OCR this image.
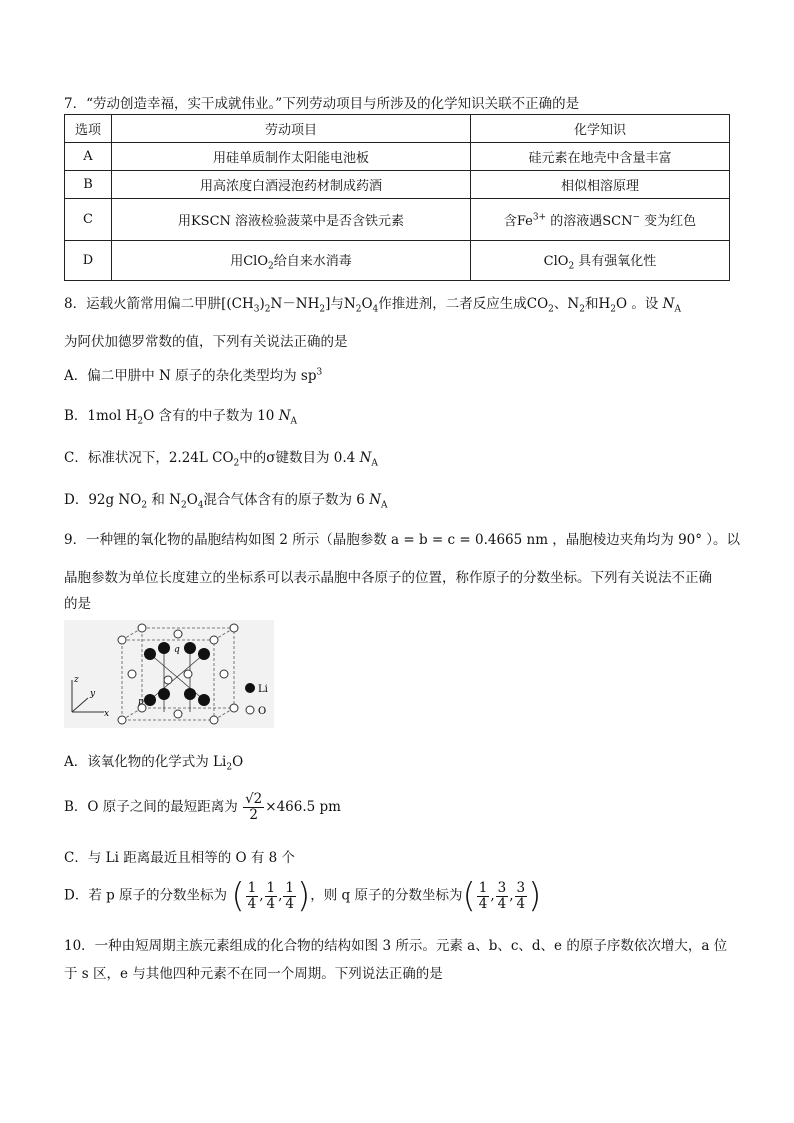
7．“劳动创造幸福，实干成就伟业。”下列劳动项目与所涉及的化学知识关联不正确的是
选项	劳动项目	化学知识
A	用硅单质制作太阳能电池板	硅元素在地壳中含量丰富
B	用高浓度白酒浸泡药材制成药酒	相似相溶原理
C	用KSCN 溶液检验菠菜中是否含铁元素	含$Fe^{3+}$ 的溶液遇SCN− 变为红色
D	用ClO$_2$给自来水消毒	ClO$_2$ 具有强氧化性
8．运载火箭常用偏二甲肼$[(CH_3)_2N-NH_2]$与$N_2O_4$作推进剂，二者反应生成$CO_2$、$N_2$和$H_2O$ 。设 $N_A$
为阿伏加德罗常数的值，下列有关说法正确的是
A．偏二甲肼中 N 原子的杂化类型均为 $sp^3$
B．1mol $H_2O$ 含有的中子数为 10 $N_A$
C．标准状况下，2.24L $CO_2$中的σ键数目为 0.4 $N_A$
D．92g $NO_2$ 和 $N_2O_4$混合气体含有的原子数为 6 $N_A$
9．一种锂的氧化物的晶胞结构如图 2 所示（晶胞参数 a = b = c = 0.4665 nm ，晶胞棱边夹角均为 90° ）。以
晶胞参数为单位长度建立的坐标系可以表示晶胞中各原子的位置，称作原子的分数坐标。下列有关说法不正确
的是
z
y
x
p
q
Li
O
A．该氧化物的化学式为 $Li_2O$
B．O 原子之间的最短距离为 $\frac{√2}{2} \times 466.5$ pm
C．与 Li 距离最近且相等的 O 有 8 个
D．若 p 原子的分数坐标为 ( $\frac{1}{4}$ , $\frac{1}{4}$ , $\frac{1}{4}$ )，则 q 原子的分数坐标为( $\frac{1}{4}$ , $\frac{3}{4}$ , $\frac{3}{4}$ )
10．一种由短周期主族元素组成的化合物的结构如图 3 所示。元素 a、b、c、d、e 的原子序数依次增大，a 位
于 s 区，e 与其他四种元素不在同一个周期。下列说法正确的是
